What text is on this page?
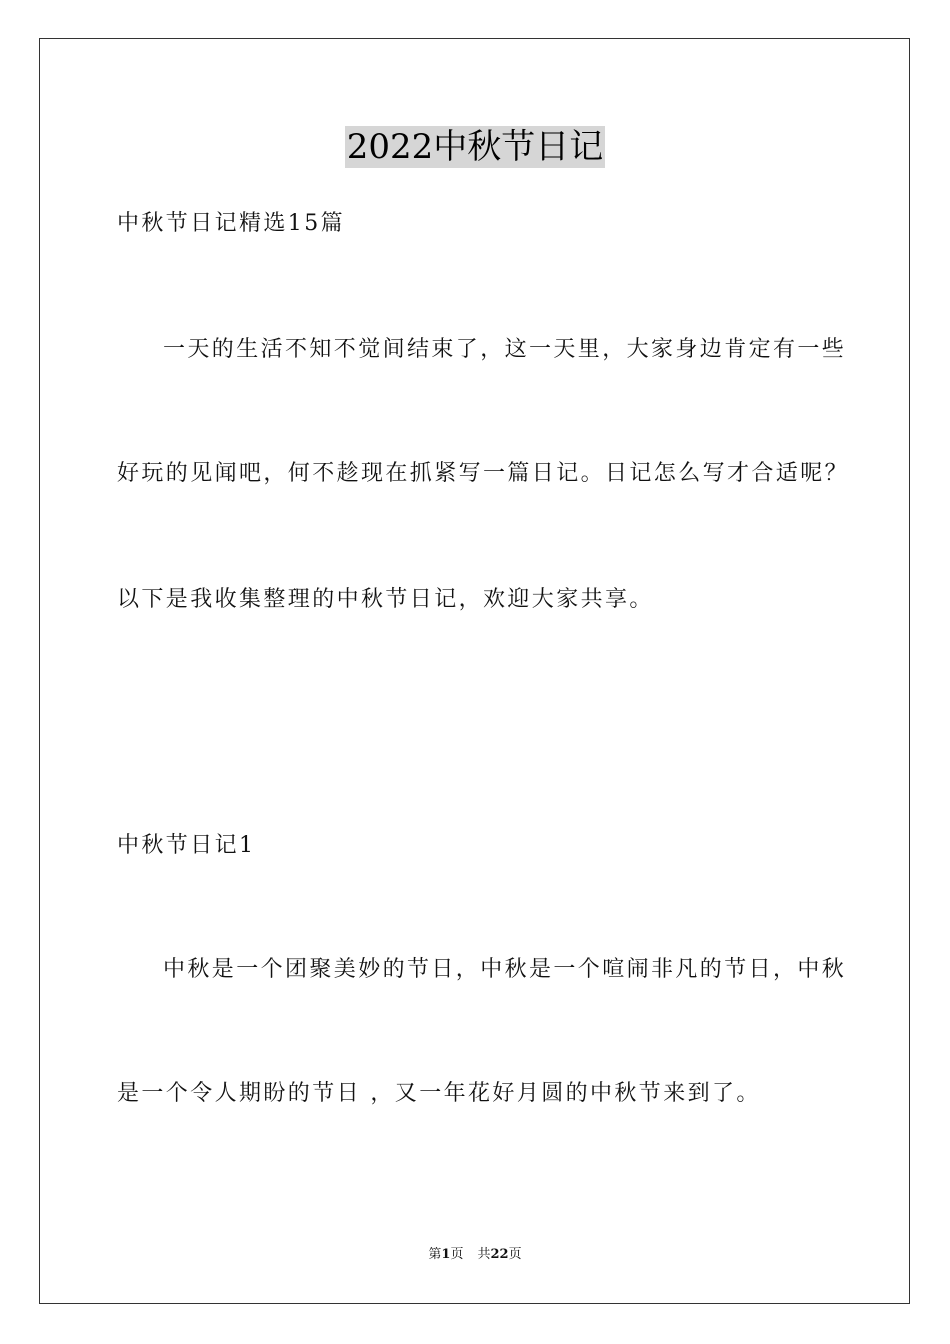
2022中秋节日记
中秋节日记精选15篇
一天的生活不知不觉间结束了，这一天里，大家身边肯定有一些
好玩的见闻吧，何不趁现在抓紧写一篇日记。日记怎么写才合适呢？
以下是我收集整理的中秋节日记，欢迎大家共享。
中秋节日记1
中秋是一个团聚美妙的节日，中秋是一个喧闹非凡的节日，中秋
是一个令人期盼的节日 ，又一年花好月圆的中秋节来到了。
第1页 共22页
